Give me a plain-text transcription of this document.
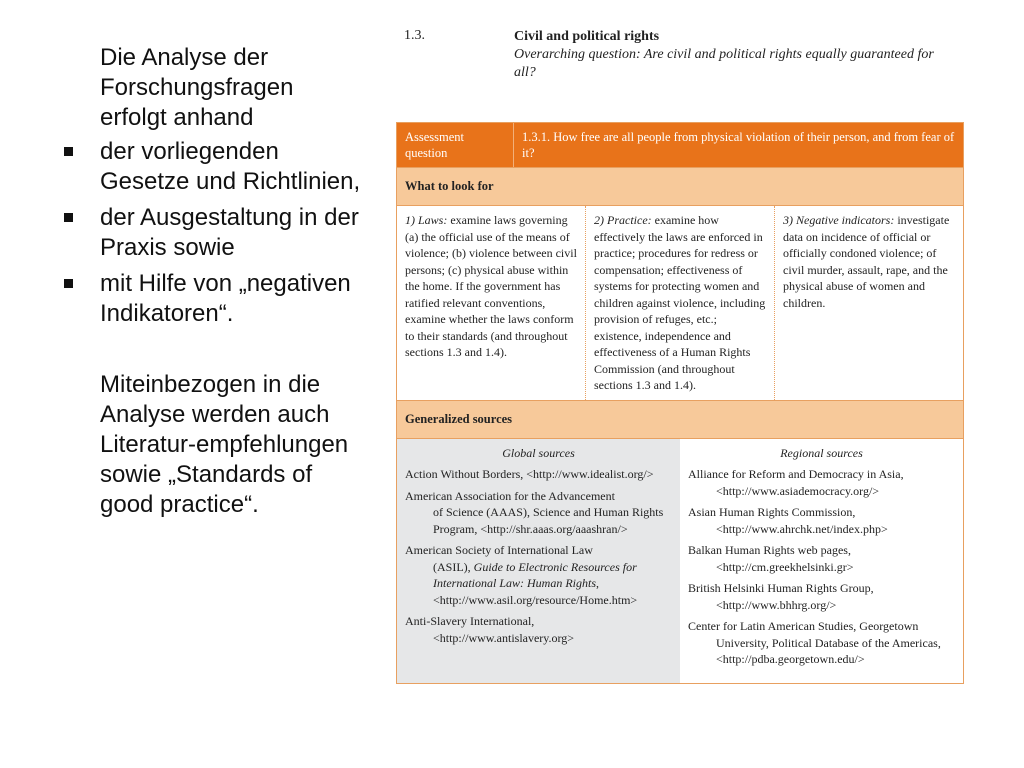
Die Analyse der Forschungsfragen erfolgt anhand
der vorliegenden Gesetze und Richtlinien,
der Ausgestaltung in der Praxis sowie
mit Hilfe von „negativen Indikatoren“.
Miteinbezogen in die Analyse werden auch Literatur-empfehlungen sowie „Standards of good practice“.
1.3.	Civil and political rights
Overarching question: Are civil and political rights equally guaranteed for all?
Assessment question
1.3.1. How free are all people from physical violation of their person, and from fear of it?
What to look for
1) Laws: examine laws governing (a) the official use of the means of violence; (b) violence between civil persons; (c) physical abuse within the home. If the government has ratified relevant conventions, examine whether the laws conform to their standards (and throughout sections 1.3 and 1.4).
2) Practice: examine how effectively the laws are enforced in practice; procedures for redress or compensation; effectiveness of systems for protecting women and children against violence, including provision of refuges, etc.; existence, independence and effectiveness of a Human Rights Commission (and throughout sections 1.3 and 1.4).
3) Negative indicators: investigate data on incidence of official or officially condoned violence; of civil murder, assault, rape, and the physical abuse of women and children.
Generalized sources
Global sources
Action Without Borders, <http://www.idealist.org/>
American Association for the Advancement
of Science (AAAS), Science and Human Rights Program, <http://shr.aaas.org/aaashran/>
American Society of International Law
(ASIL), Guide to Electronic Resources for International Law: Human Rights, <http://www.asil.org/resource/Home.htm>
Anti-Slavery International,
<http://www.antislavery.org>
Regional sources
Alliance for Reform and Democracy in Asia,
<http://www.asiademocracy.org/>
Asian Human Rights Commission,
<http://www.ahrchk.net/index.php>
Balkan Human Rights web pages,
<http://cm.greekhelsinki.gr>
British Helsinki Human Rights Group,
<http://www.bhhrg.org/>
Center for Latin American Studies, Georgetown
University, Political Database of the Americas, <http://pdba.georgetown.edu/>
